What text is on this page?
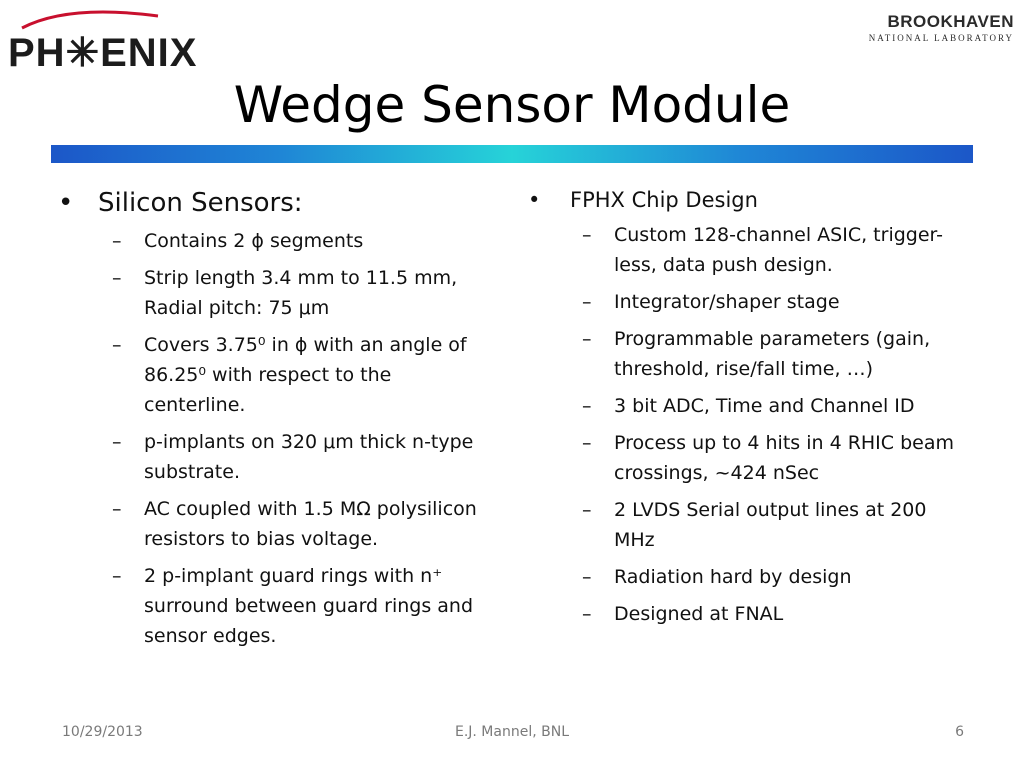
PH✳ENIX
BROOKHAVEN
NATIONAL LABORATORY
Wedge Sensor Module
• Silicon Sensors:
–	Contains 2 ϕ segments
–	Strip length 3.4 mm to 11.5 mm, Radial pitch: 75 μm
–	Covers 3.75⁰ in ϕ with an angle of 86.25⁰ with respect to the centerline.
–	p-implants on 320 μm thick n-type substrate.
–	AC coupled with 1.5 MΩ polysilicon resistors to bias voltage.
–	2 p-implant guard rings with n⁺ surround between guard rings and sensor edges.
•	FPHX Chip Design
–	Custom 128-channel ASIC, trigger-less, data push design.
–	Integrator/shaper stage
–	Programmable parameters (gain, threshold, rise/fall time, …)
–	3 bit ADC, Time and Channel ID
–	Process up to 4 hits in 4 RHIC beam crossings, ~424 nSec
–	2 LVDS Serial output lines at 200 MHz
–	Radiation hard by design
–	Designed at FNAL
10/29/2013	E.J. Mannel, BNL	6
